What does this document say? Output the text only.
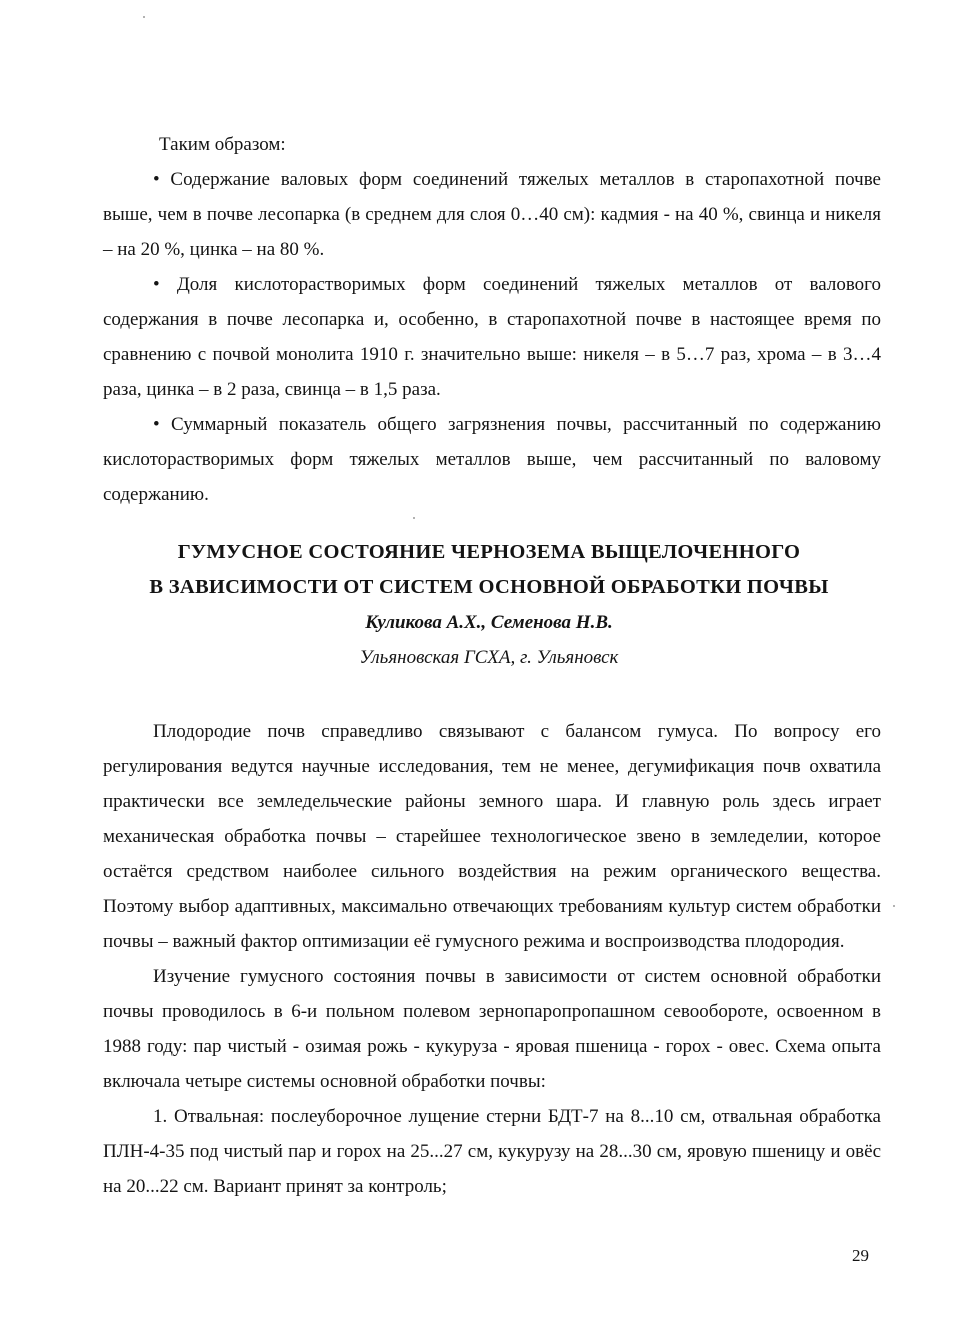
Таким образом:

• Содержание валовых форм соединений тяжелых металлов в старопахотной почве выше, чем в почве лесопарка (в среднем для слоя 0…40 см): кадмия - на 40 %, свинца и никеля – на 20 %, цинка – на 80 %.

• Доля кислоторастворимых форм соединений тяжелых металлов от валового содержания в почве лесопарка и, особенно, в старопахотной почве в настоящее время по сравнению с почвой монолита 1910 г. значительно выше: никеля – в 5…7 раз, хрома – в 3…4 раза, цинка – в 2 раза, свинца – в 1,5 раза.

• Суммарный показатель общего загрязнения почвы, рассчитанный по содержанию кислоторастворимых форм тяжелых металлов выше, чем рассчитанный по валовому содержанию.

ГУМУСНОЕ СОСТОЯНИЕ ЧЕРНОЗЕМА ВЫЩЕЛОЧЕННОГО
В ЗАВИСИМОСТИ ОТ СИСТЕМ ОСНОВНОЙ ОБРАБОТКИ ПОЧВЫ
Куликова А.Х., Семенова Н.В.
Ульяновская ГСХА, г. Ульяновск

Плодородие почв справедливо связывают с балансом гумуса. По вопросу его регулирования ведутся научные исследования, тем не менее, дегумификация почв охватила практически все земледельческие районы земного шара. И главную роль здесь играет механическая обработка почвы – старейшее технологическое звено в земледелии, которое остаётся средством наиболее сильного воздействия на режим органического вещества. Поэтому выбор адаптивных, максимально отвечающих требованиям культур систем обработки почвы – важный фактор оптимизации её гумусного режима и воспроизводства плодородия.

Изучение гумусного состояния почвы в зависимости от систем основной обработки почвы проводилось в 6-и польном полевом зернопаропропашном севообороте, освоенном в 1988 году: пар чистый - озимая рожь - кукуруза - яровая пшеница - горох - овес. Схема опыта включала четыре системы основной обработки почвы:

1. Отвальная: послеуборочное лущение стерни БДТ-7 на 8...10 см, отвальная обработка ПЛН-4-35 под чистый пар и горох на 25...27 см, кукурузу на 28...30 см, яровую пшеницу и овёс на 20...22 см. Вариант принят за контроль;

29
